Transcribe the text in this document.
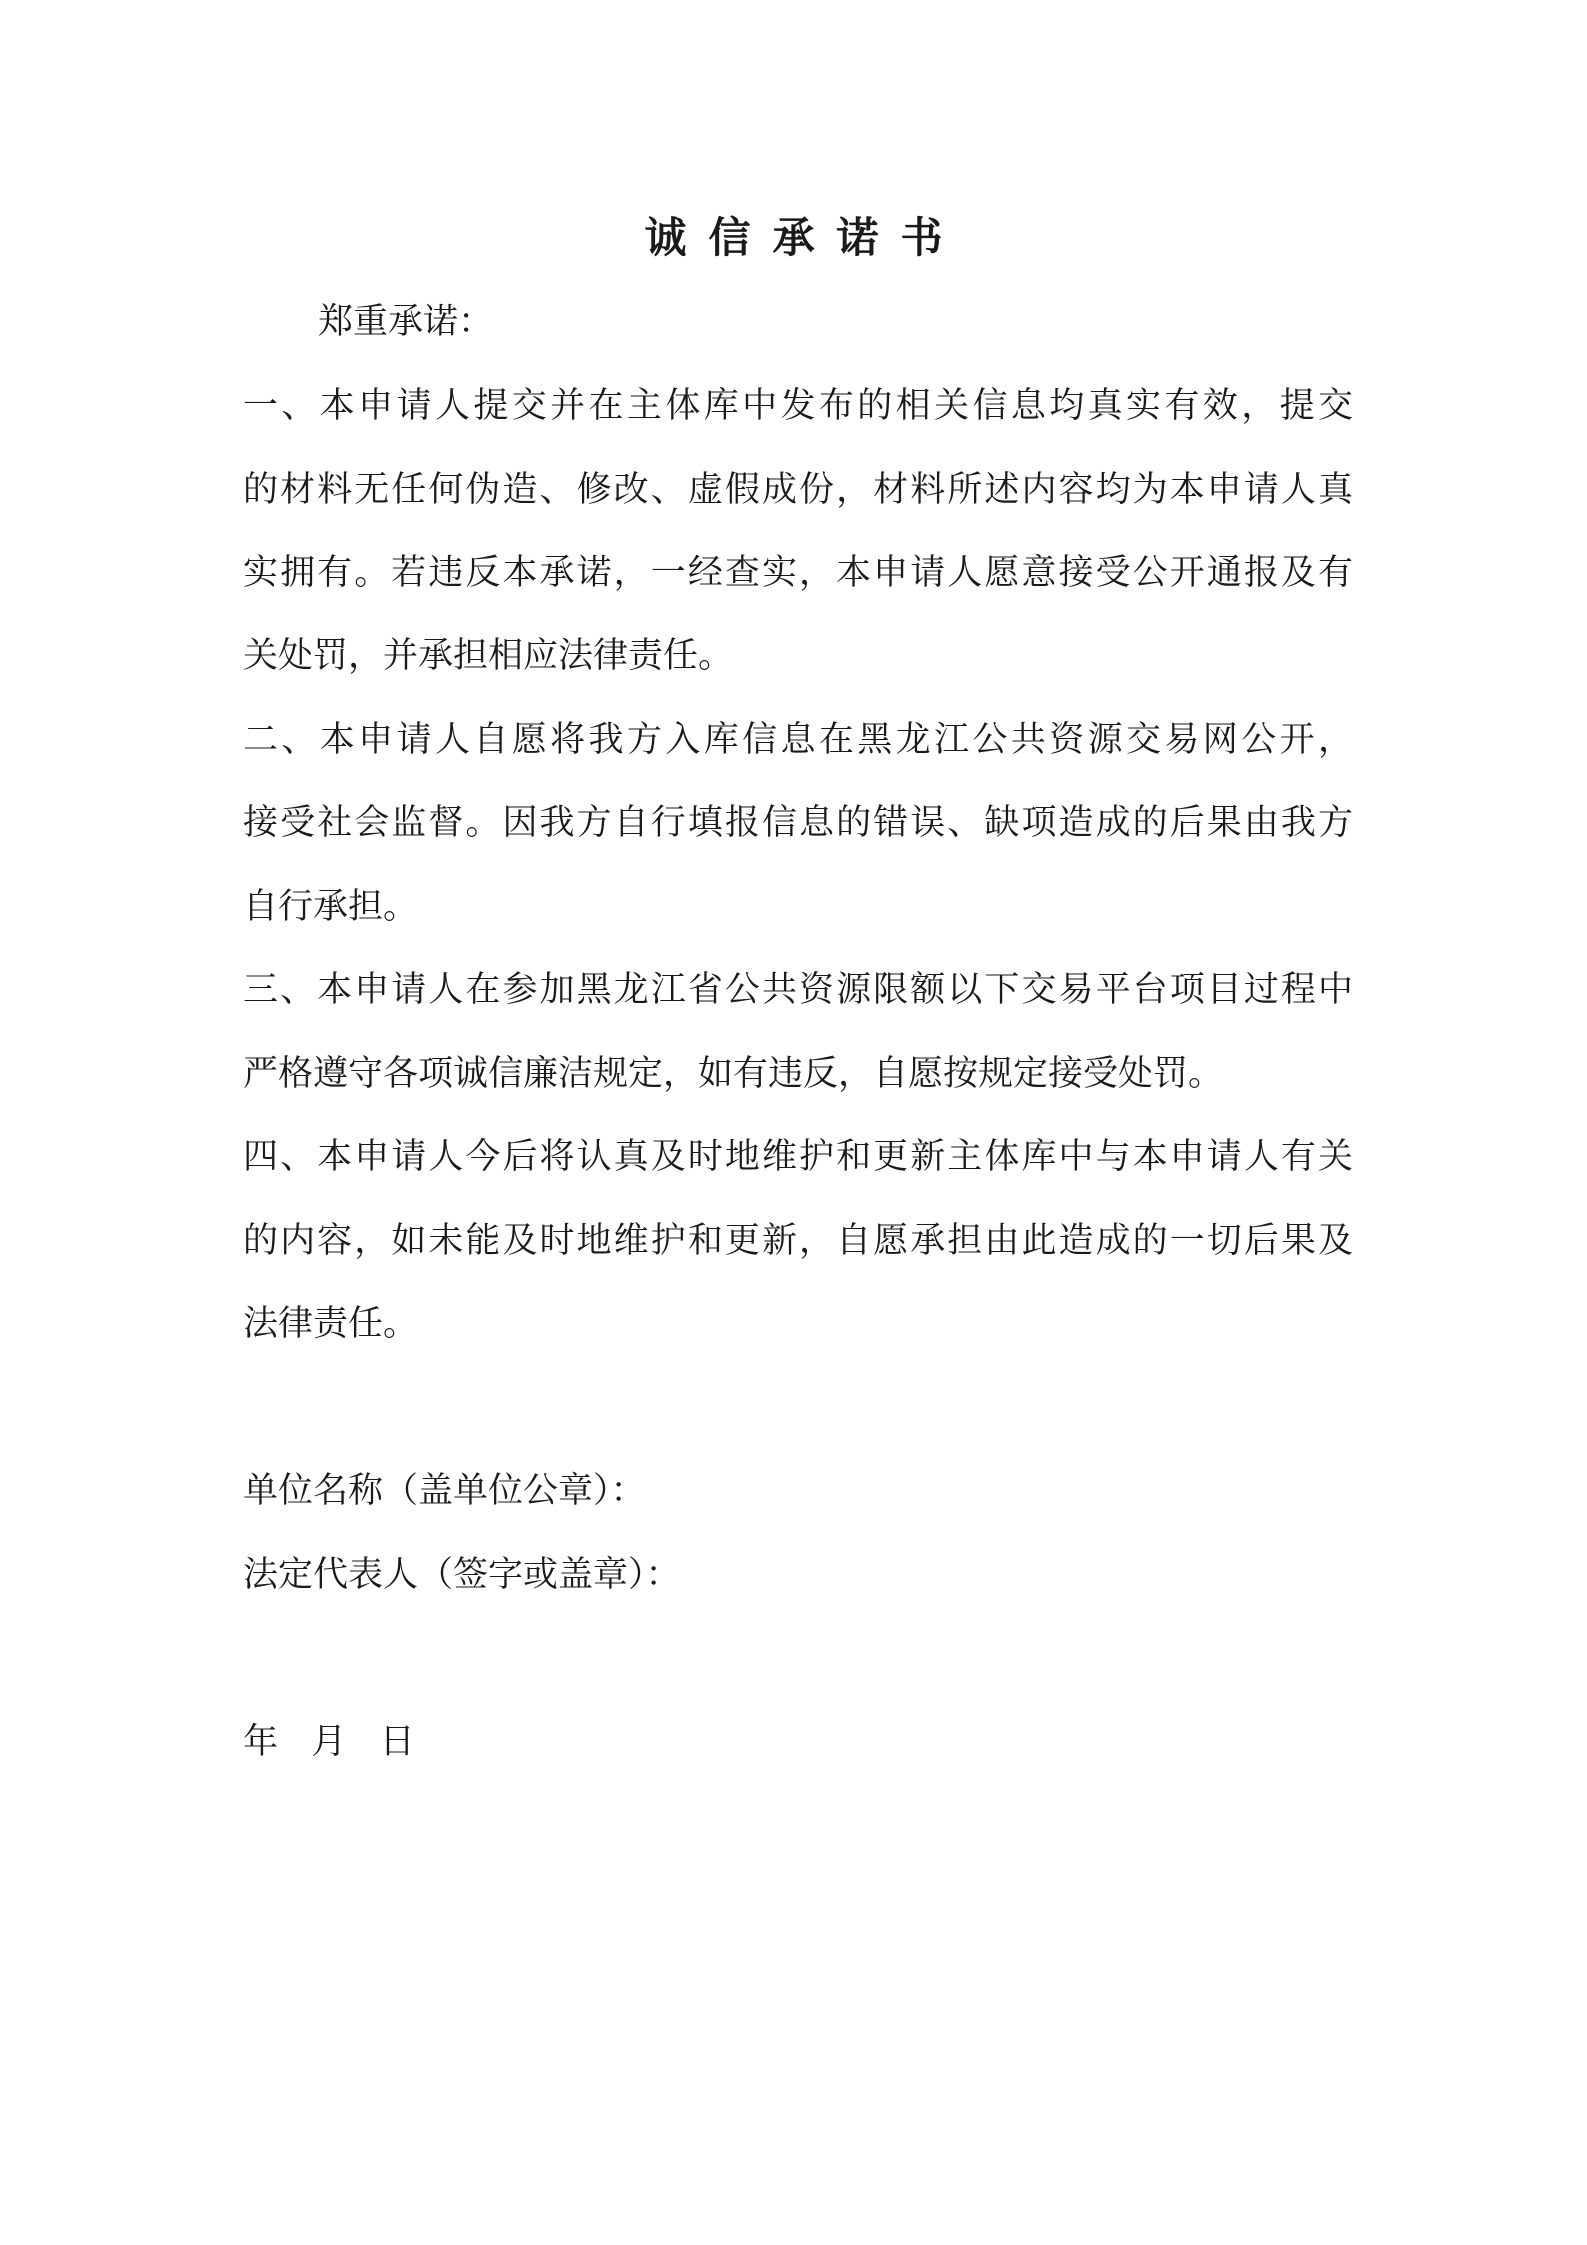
诚信承诺书
郑重承诺：
一、本申请人提交并在主体库中发布的相关信息均真实有效，提交
的材料无任何伪造、修改、虚假成份，材料所述内容均为本申请人真
实拥有。若违反本承诺，一经查实，本申请人愿意接受公开通报及有
关处罚，并承担相应法律责任。
二、本申请人自愿将我方入库信息在黑龙江公共资源交易网公开，
接受社会监督。因我方自行填报信息的错误、缺项造成的后果由我方
自行承担。
三、本申请人在参加黑龙江省公共资源限额以下交易平台项目过程中
严格遵守各项诚信廉洁规定，如有违反，自愿按规定接受处罚。
四、本申请人今后将认真及时地维护和更新主体库中与本申请人有关
的内容，如未能及时地维护和更新，自愿承担由此造成的一切后果及
法律责任。
单位名称（盖单位公章）：
法定代表人（签字或盖章）：
年   月   日
